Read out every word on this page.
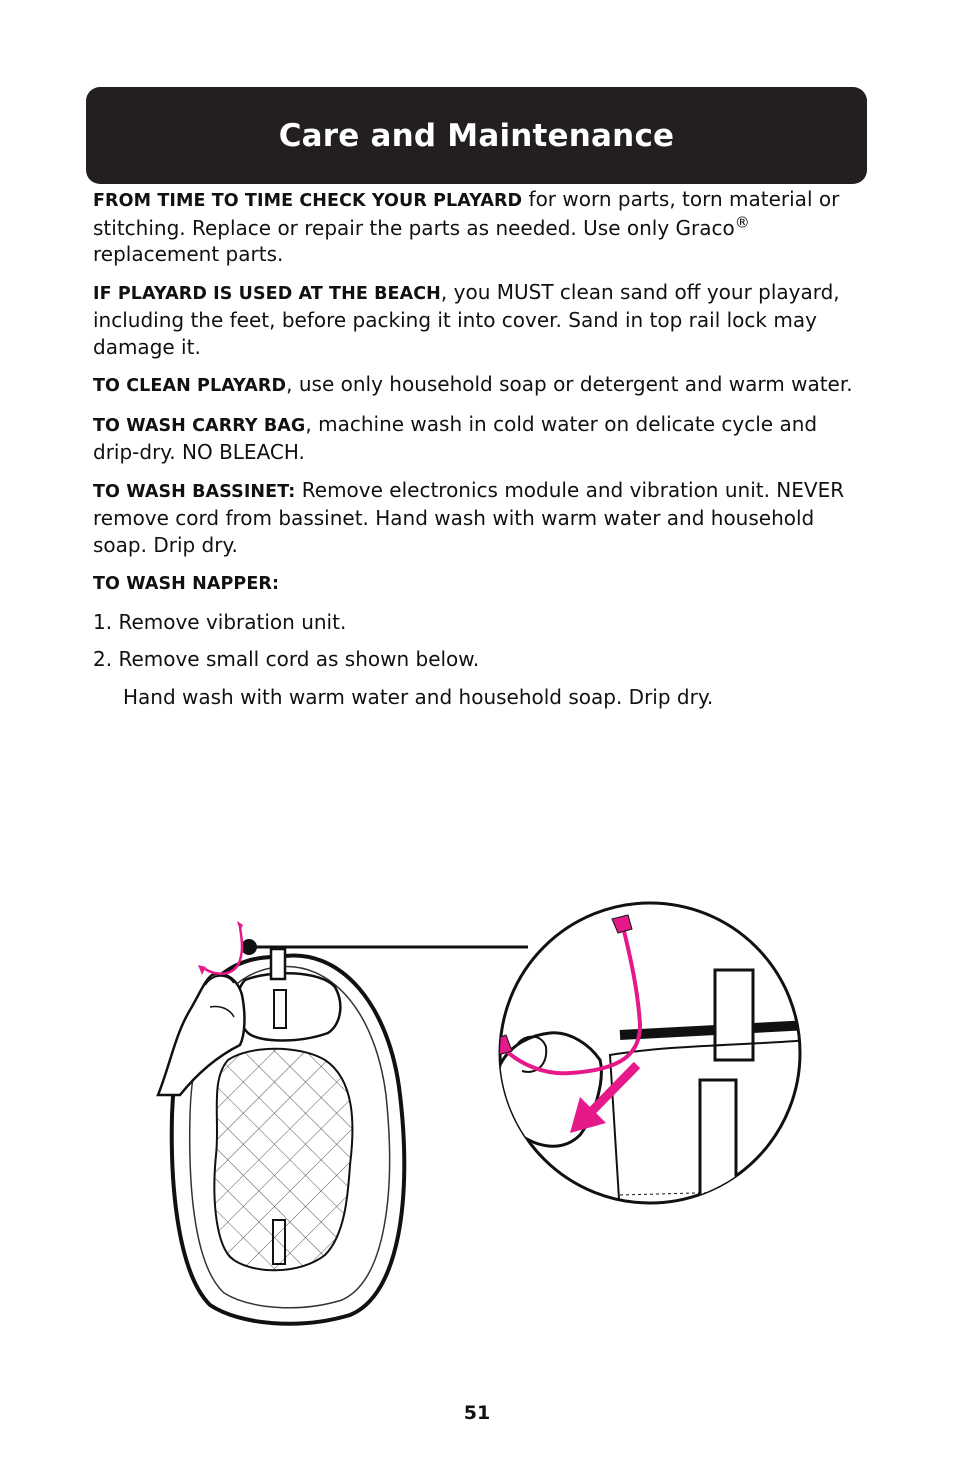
Care and Maintenance

FROM TIME TO TIME CHECK YOUR PLAYARD for worn parts, torn material or stitching. Replace or repair the parts as needed. Use only Graco® replacement parts.

IF PLAYARD IS USED AT THE BEACH, you MUST clean sand off your playard, including the feet, before packing it into cover. Sand in top rail lock may damage it.

TO CLEAN PLAYARD, use only household soap or detergent and warm water.

TO WASH CARRY BAG, machine wash in cold water on delicate cycle and drip-dry. NO BLEACH.

TO WASH BASSINET: Remove electronics module and vibration unit. NEVER remove cord from bassinet. Hand wash with warm water and household soap. Drip dry.

TO WASH NAPPER:

1. Remove vibration unit.

2. Remove small cord as shown below.

Hand wash with warm water and household soap. Drip dry.

51
